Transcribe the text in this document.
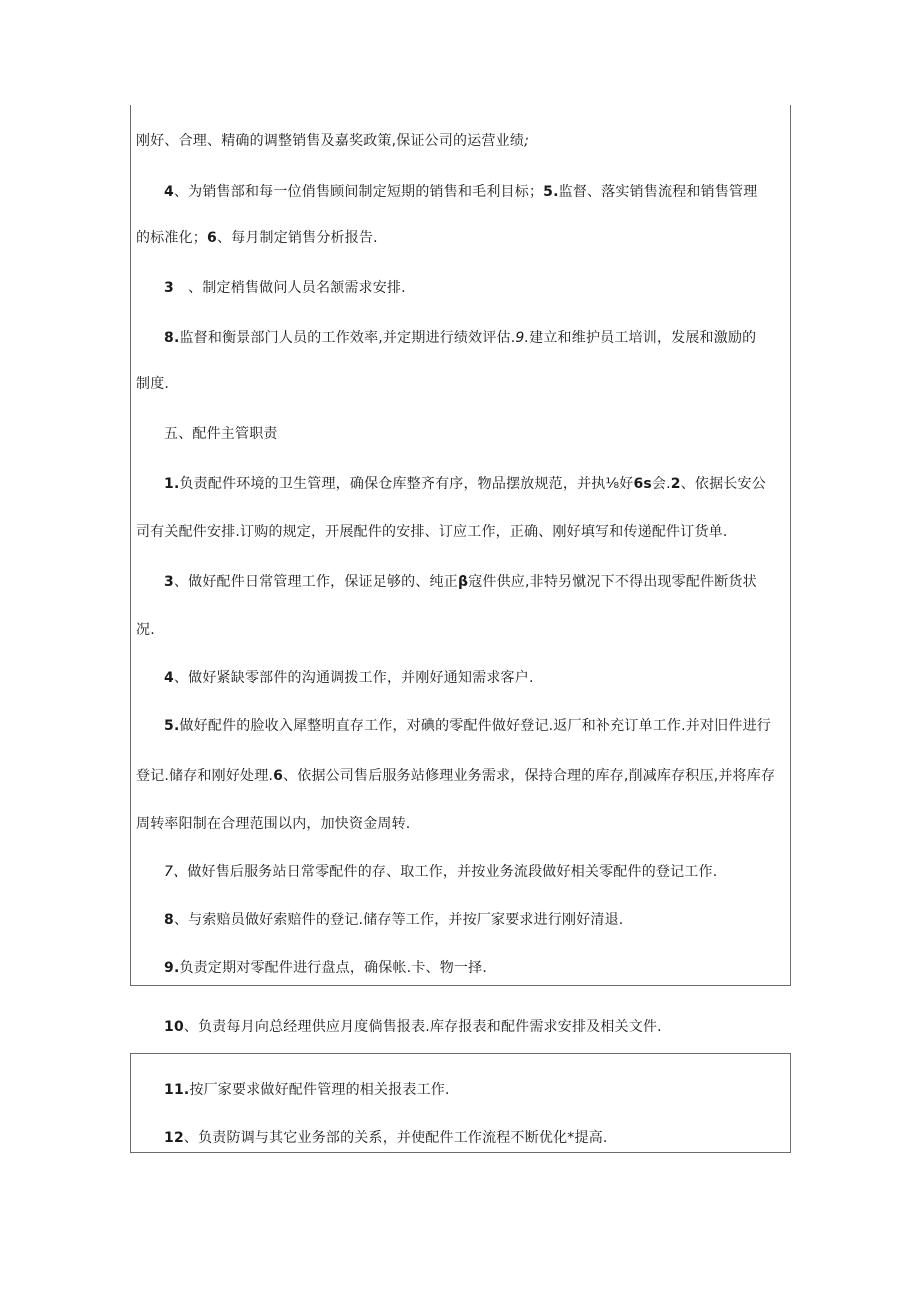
刚好、合理、精确的调整销售及嘉奖政策,保证公司的运营业绩;
4、为销售部和每一位俏售顾间制定短期的销售和毛利目标；5.监督、落实销售流程和销售管理
的标准化；6、每月制定销售分析报告.
3　、制定梢售做问人员名颔需求安排.
8.监督和衡景部门人员的工作效率,并定期进行绩效评估.9.建立和维护员工培训，发展和激励的
制度.
五、配件主管职责
1.负责配件环境的卫生管理，确保仓库整齐有序，物品摆放规范，并执⅛好6s会.2、依据长安公
司有关配件安排.订购的规定，开展配件的安排、订应工作，正确、刚好填写和传递配件订货单.
3、做好配件日常管理工作，保证足够的、纯正β寇件供应,非特另憱况下不得出现零配件断货状
况.
4、做好紧缺零部件的沟通调拨工作，并刚好通知需求客户.
5.做好配件的脸收入犀整明直存工作，对碘的零配件做好登记.返厂和补充订单工作.并对旧件进行
登记.储存和刚好处理.6、依据公司售后服务站修理业务需求，保持合理的库存,削减库存积压,并将库存
周转率阳制在合理范围以内，加快资金周转.
7、做好售后服务站日常零配件的存、取工作，并按业务流段做好相关零配件的登记工作.
8、与索赔员做好索赔件的登记.储存等工作，并按厂家要求进行刚好清退.
9.负责定期对零配件进行盘点，确保帐.卡、物一择.
10、负责每月向总经理供应月度倘售报表.库存报表和配件需求安排及相关文件.
11.按厂家要求做好配件管理的相关报表工作.
12、负责防调与其它业务部的关系，并使配件工作流程不断优化*提高.
